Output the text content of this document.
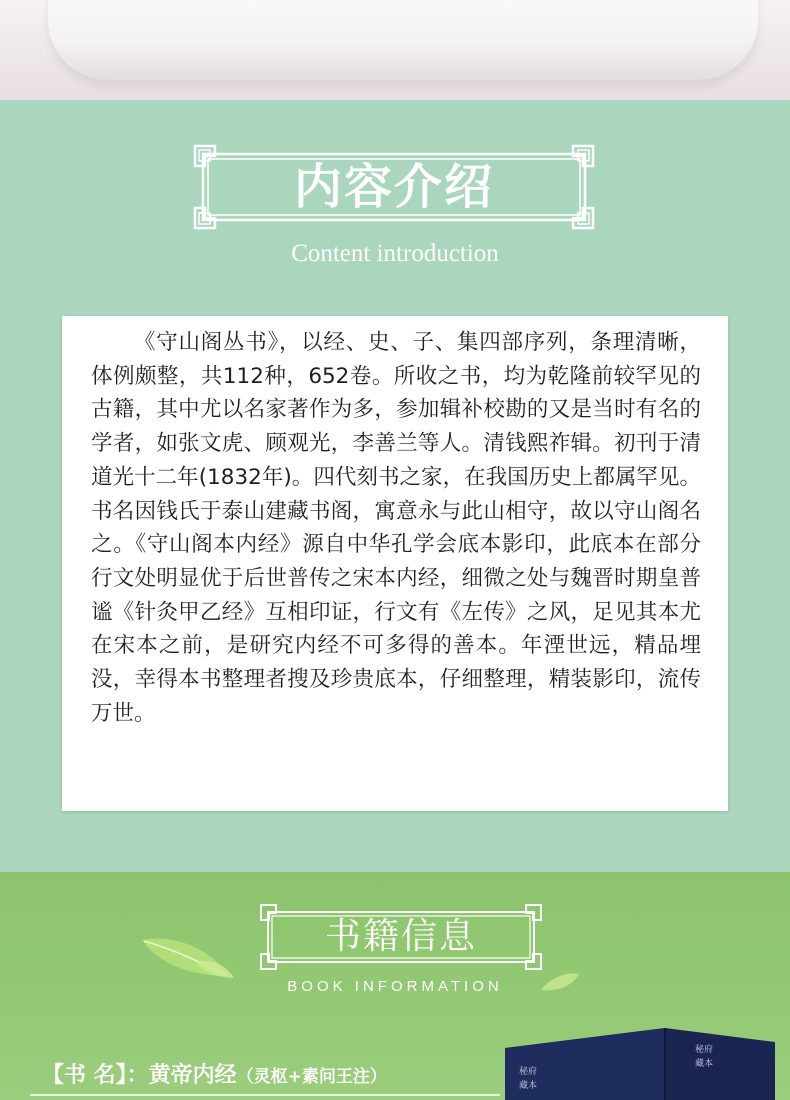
内容介绍
Content introduction

《守山阁丛书》，以经、史、子、集四部序列，条理清晰，体例颇整，共112种，652卷。所收之书，均为乾隆前较罕见的古籍，其中尤以名家著作为多，参加辑补校勘的又是当时有名的学者，如张文虎、顾观光，李善兰等人。清钱熙祚辑。初刊于清道光十二年(1832年)。四代刻书之家，在我国历史上都属罕见。书名因钱氏于泰山建藏书阁，寓意永与此山相守，故以守山阁名之。《守山阁本内经》源自中华孔学会底本影印，此底本在部分行文处明显优于后世普传之宋本内经，细微之处与魏晋时期皇普谧《针灸甲乙经》互相印证，行文有《左传》之风，足见其本尤在宋本之前，是研究内经不可多得的善本。年湮世远，精品埋没，幸得本书整理者搜及珍贵底本，仔细整理，精装影印，流传万世。

书籍信息
BOOK INFORMATION
【书 名】：黄帝内经（灵枢+素问王注）	秘府
藏本
秘府
藏本
